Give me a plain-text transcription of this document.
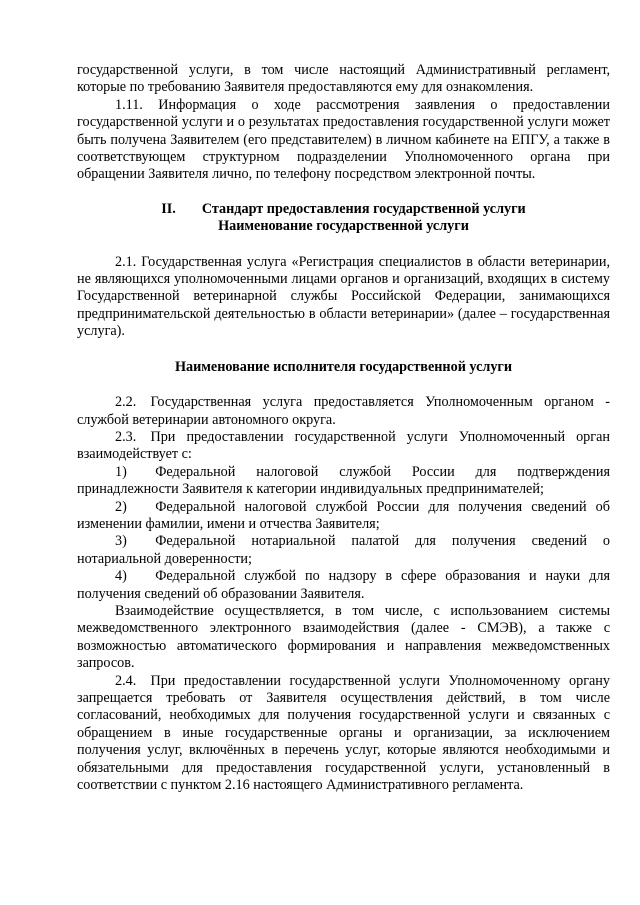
государственной услуги, в том числе настоящий Административный регламент, которые по требованию Заявителя предоставляются ему для ознакомления.

1.11. Информация о ходе рассмотрения заявления о предоставлении государственной услуги и о результатах предоставления государственной услуги может быть получена Заявителем (его представителем) в личном кабинете на ЕПГУ, а также в соответствующем структурном подразделении Уполномоченного органа при обращении Заявителя лично, по телефону посредством электронной почты.

II. Стандарт предоставления государственной услуги
Наименование государственной услуги

2.1. Государственная услуга «Регистрация специалистов в области ветеринарии, не являющихся уполномоченными лицами органов и организаций, входящих в систему Государственной ветеринарной службы Российской Федерации, занимающихся предпринимательской деятельностью в области ветеринарии» (далее – государственная услуга).

Наименование исполнителя государственной услуги

2.2. Государственная услуга предоставляется Уполномоченным органом - службой ветеринарии автономного округа.

2.3. При предоставлении государственной услуги Уполномоченный орган взаимодействует с:

1)  Федеральной налоговой службой России для подтверждения принадлежности Заявителя к категории индивидуальных предпринимателей;

2)  Федеральной налоговой службой России для получения сведений об изменении фамилии, имени и отчества Заявителя;

3)  Федеральной нотариальной палатой для получения сведений о нотариальной доверенности;

4)  Федеральной службой по надзору в сфере образования и науки для получения сведений об образовании Заявителя.

Взаимодействие осуществляется, в том числе, с использованием системы межведомственного электронного взаимодействия (далее - СМЭВ), а также с возможностью автоматического формирования и направления межведомственных запросов.

2.4. При предоставлении государственной услуги Уполномоченному органу запрещается требовать от Заявителя осуществления действий, в том числе согласований, необходимых для получения государственной услуги и связанных с обращением в иные государственные органы и организации, за исключением получения услуг, включённых в перечень услуг, которые являются необходимыми и обязательными для предоставления государственной услуги, установленный в соответствии с пунктом 2.16 настоящего Административного регламента.
